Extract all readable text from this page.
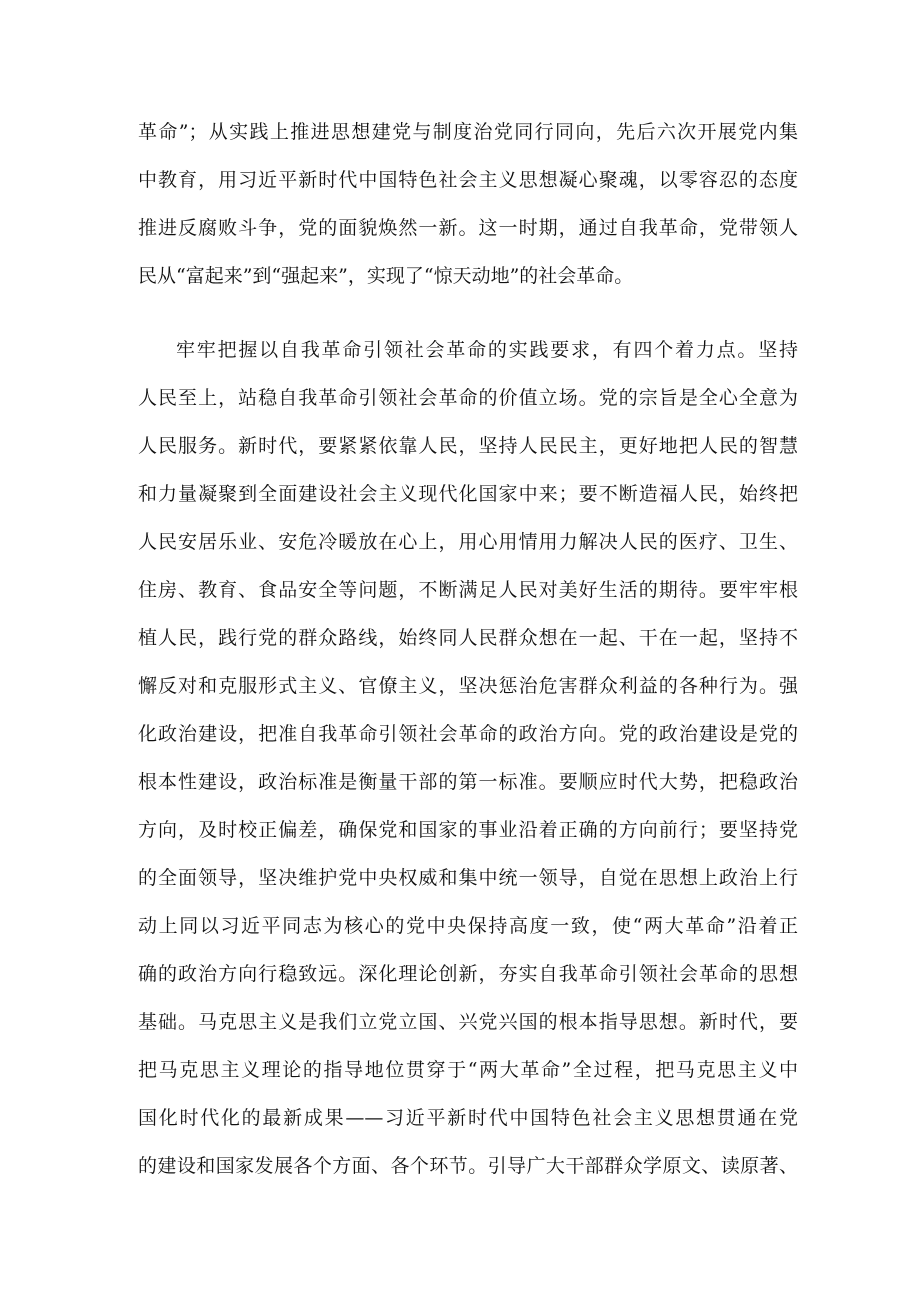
革命”；从实践上推进思想建党与制度治党同行同向，先后六次开展党内集
中教育，用习近平新时代中国特色社会主义思想凝心聚魂，以零容忍的态度
推进反腐败斗争，党的面貌焕然一新。这一时期，通过自我革命，党带领人
民从“富起来”到“强起来”，实现了“惊天动地”的社会革命。
牢牢把握以自我革命引领社会革命的实践要求，有四个着力点。坚持
人民至上，站稳自我革命引领社会革命的价值立场。党的宗旨是全心全意为
人民服务。新时代，要紧紧依靠人民，坚持人民民主，更好地把人民的智慧
和力量凝聚到全面建设社会主义现代化国家中来；要不断造福人民，始终把
人民安居乐业、安危冷暖放在心上，用心用情用力解决人民的医疗、卫生、
住房、教育、食品安全等问题，不断满足人民对美好生活的期待。要牢牢根
植人民，践行党的群众路线，始终同人民群众想在一起、干在一起，坚持不
懈反对和克服形式主义、官僚主义，坚决惩治危害群众利益的各种行为。强
化政治建设，把准自我革命引领社会革命的政治方向。党的政治建设是党的
根本性建设，政治标准是衡量干部的第一标准。要顺应时代大势，把稳政治
方向，及时校正偏差，确保党和国家的事业沿着正确的方向前行；要坚持党
的全面领导，坚决维护党中央权威和集中统一领导，自觉在思想上政治上行
动上同以习近平同志为核心的党中央保持高度一致，使“两大革命”沿着正
确的政治方向行稳致远。深化理论创新，夯实自我革命引领社会革命的思想
基础。马克思主义是我们立党立国、兴党兴国的根本指导思想。新时代，要
把马克思主义理论的指导地位贯穿于“两大革命”全过程，把马克思主义中
国化时代化的最新成果——习近平新时代中国特色社会主义思想贯通在党
的建设和国家发展各个方面、各个环节。引导广大干部群众学原文、读原著、
